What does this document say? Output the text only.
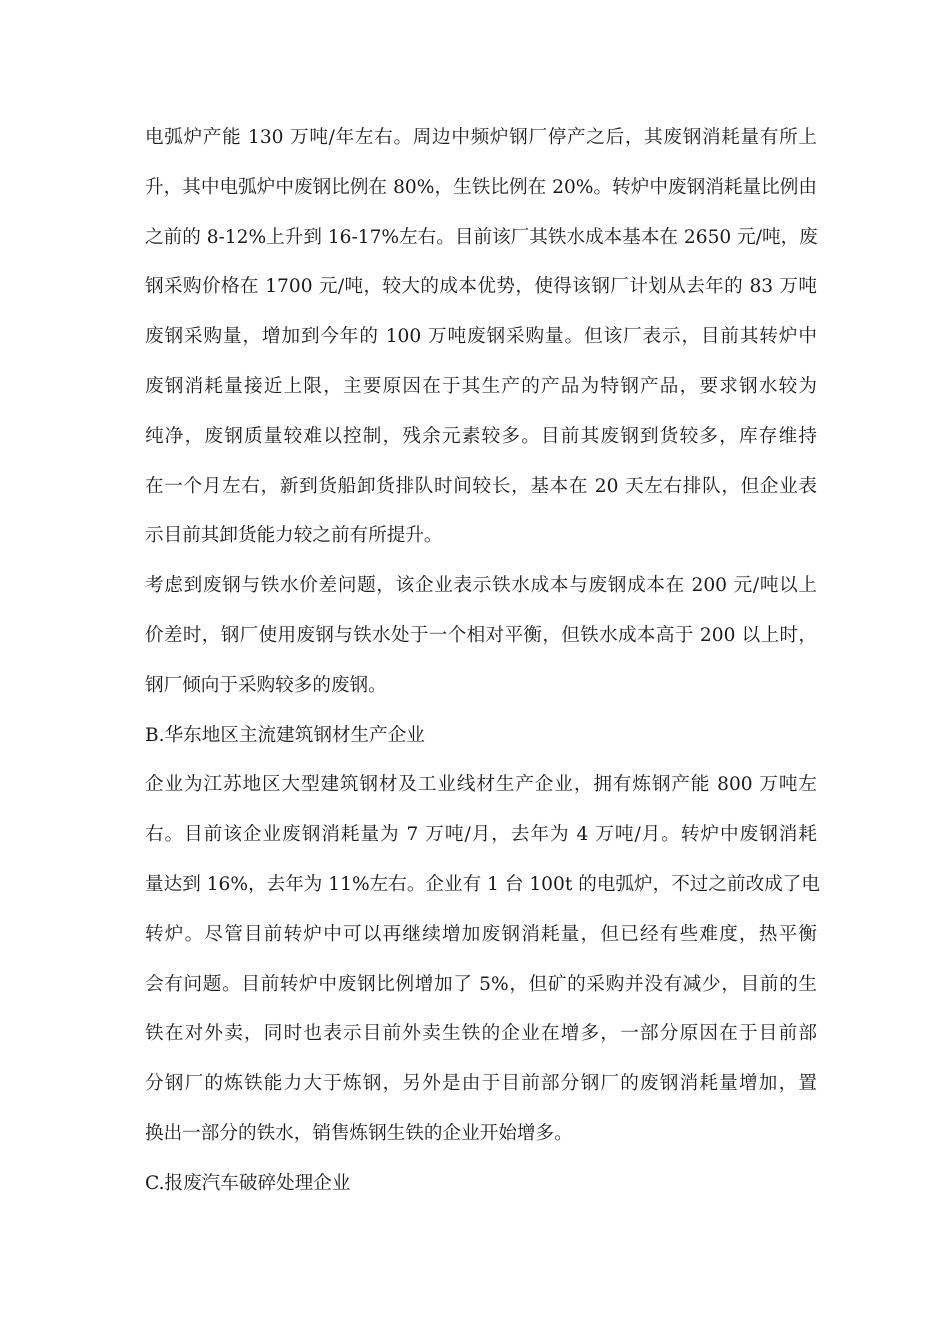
电弧炉产能 130 万吨/年左右。周边中频炉钢厂停产之后，其废钢消耗量有所上
升，其中电弧炉中废钢比例在 80%，生铁比例在 20%。转炉中废钢消耗量比例由
之前的 8-12%上升到 16-17%左右。目前该厂其铁水成本基本在 2650 元/吨，废
钢采购价格在 1700 元/吨，较大的成本优势，使得该钢厂计划从去年的 83 万吨
废钢采购量，增加到今年的 100 万吨废钢采购量。但该厂表示，目前其转炉中
废钢消耗量接近上限，主要原因在于其生产的产品为特钢产品，要求钢水较为
纯净，废钢质量较难以控制，残余元素较多。目前其废钢到货较多，库存维持
在一个月左右，新到货船卸货排队时间较长，基本在 20 天左右排队，但企业表
示目前其卸货能力较之前有所提升。
考虑到废钢与铁水价差问题，该企业表示铁水成本与废钢成本在 200 元/吨以上
价差时，钢厂使用废钢与铁水处于一个相对平衡，但铁水成本高于 200 以上时，
钢厂倾向于采购较多的废钢。
B.华东地区主流建筑钢材生产企业
企业为江苏地区大型建筑钢材及工业线材生产企业，拥有炼钢产能 800 万吨左
右。目前该企业废钢消耗量为 7 万吨/月，去年为 4 万吨/月。转炉中废钢消耗
量达到 16%，去年为 11%左右。企业有 1 台 100t 的电弧炉，不过之前改成了电
转炉。尽管目前转炉中可以再继续增加废钢消耗量，但已经有些难度，热平衡
会有问题。目前转炉中废钢比例增加了 5%，但矿的采购并没有减少，目前的生
铁在对外卖，同时也表示目前外卖生铁的企业在增多，一部分原因在于目前部
分钢厂的炼铁能力大于炼钢，另外是由于目前部分钢厂的废钢消耗量增加，置
换出一部分的铁水，销售炼钢生铁的企业开始增多。
C.报废汽车破碎处理企业
